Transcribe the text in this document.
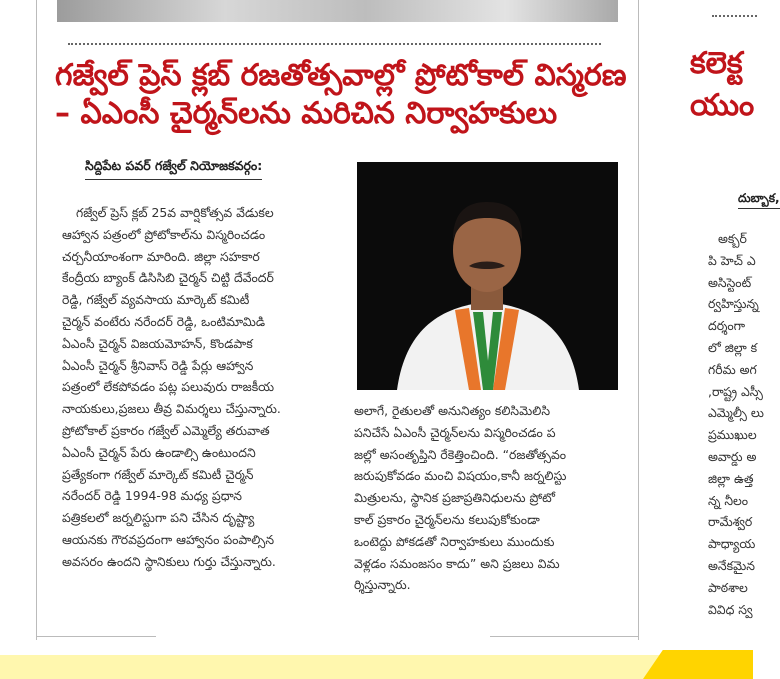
గజ్వేల్ ప్రెస్ క్లబ్ రజతోత్సవాల్లో ప్రోటోకాల్ విస్మరణ
– ఏఎంసీ చైర్మన్‌లను మరిచిన నిర్వాహకులు
సిద్దిపేట పవర్ గజ్వేల్ నియోజకవర్గం:

గజ్వేల్ ప్రెస్ క్లబ్ 25వ వార్షికోత్సవ వేడుకల

ఆహ్వాన పత్రంలో ప్రోటోకాల్‌ను విస్మరించడం

చర్చనీయాంశంగా మారింది. జిల్లా సహకార

కేంద్రీయ బ్యాంక్ డిసిసిబి చైర్మన్ చిట్టి దేవేందర్

రెడ్డి, గజ్వేల్ వ్యవసాయ మార్కెట్ కమిటీ

చైర్మన్ వంటేరు నరేందర్ రెడ్డి, ఒంటిమామిడి

ఏఎంసీ చైర్మన్ విజయమోహన్, కొండపాక

ఏఎంసీ చైర్మన్ శ్రీనివాస్ రెడ్డి పేర్లు ఆహ్వాన

పత్రంలో లేకపోవడం పట్ల పలువురు రాజకీయ

నాయకులు,ప్రజలు తీవ్ర విమర్శలు చేస్తున్నారు.

ప్రోటోకాల్ ప్రకారం గజ్వేల్ ఎమ్మెల్యే తరువాత

ఏఎంసీ చైర్మన్ పేరు ఉండాల్సి ఉంటుందని

ప్రత్యేకంగా గజ్వేల్ మార్కెట్ కమిటీ చైర్మన్

నరేందర్ రెడ్డి 1994-98 మధ్య ప్రధాన

పత్రికలలో జర్నలిస్టుగా పని చేసిన దృష్ట్యా

ఆయనకు గౌరవప్రదంగా ఆహ్వానం పంపాల్సిన

అవసరం ఉందని స్థానికులు గుర్తు చేస్తున్నారు.

అలాగే, రైతులతో అనునిత్యం కలిసిమెలిసి

పనిచేసే ఏఎంసీ చైర్మన్‌లను విస్మరించడం ప

జల్లో అసంతృప్తిని రేకెత్తించింది. “రజతోత్సవం

జరుపుకోవడం మంచి విషయం,కానీ జర్నలిస్టు

మిత్రులను, స్థానిక ప్రజాప్రతినిధులను ప్రోటో

కాల్ ప్రకారం చైర్మన్‌లను కలుపుకోకుండా

ఒంటెద్దు పోకడతో నిర్వాహకులు ముందుకు

వెళ్లడం సమంజసం కాదు” అని ప్రజలు విమ

ర్శిస్తున్నారు.

కలెక్ట
యుం
దుబ్బాక,
అక్బర్
పి హెచ్ ఎ
అసిస్టెంట్
ర్వహిస్తున్న
దర్శంగా
లో జిల్లా క
గరీమ అగ
,రాష్ట్ర ఎస్సీ
ఎమ్మెల్సీ లు
ప్రముఖుల
అవార్డు అ
జిల్లా ఉత్త
న్న నీలం
రామేశ్వర
పాధ్యాయ
అనేకమైన
పాఠశాల
వివిధ స్వ
